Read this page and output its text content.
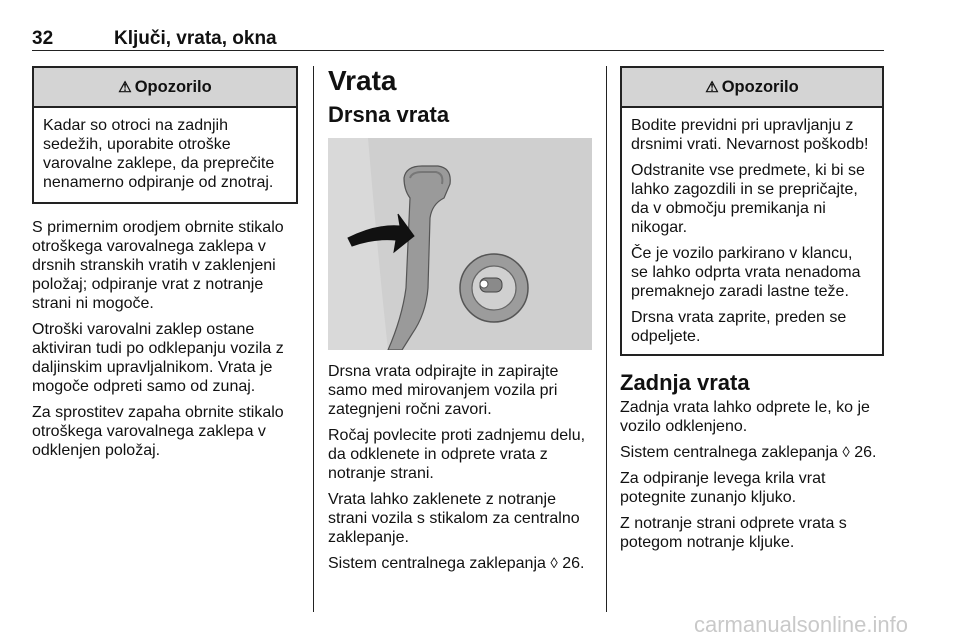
32	Ključi, vrata, okna
⚠ Opozorilo

Kadar so otroci na zadnjih sedežih, uporabite otroške varovalne zaklepe, da preprečite nenamerno odpiranje od znotraj.

S primernim orodjem obrnite stikalo otroškega varovalnega zaklepa v drsnih stranskih vratih v zaklenjeni položaj; odpiranje vrat z notranje strani ni mogoče.

Otroški varovalni zaklep ostane aktiviran tudi po odklepanju vozila z daljinskim upravljalnikom. Vrata je mogoče odpreti samo od zunaj.

Za sprostitev zapaha obrnite stikalo otroškega varovalnega zaklepa v odklenjen položaj.

Vrata
Drsna vrata

Drsna vrata odpirajte in zapirajte samo med mirovanjem vozila pri zategnjeni ročni zavori.

Ročaj povlecite proti zadnjemu delu, da odklenete in odprete vrata z notranje strani.

Vrata lahko zaklenete z notranje strani vozila s stikalom za centralno zaklepanje.

Sistem centralnega zaklepanja ◊ 26.

⚠ Opozorilo

Bodite previdni pri upravljanju z drsnimi vrati. Nevarnost poškodb!

Odstranite vse predmete, ki bi se lahko zagozdili in se prepričajte, da v območju premikanja ni nikogar.

Če je vozilo parkirano v klancu, se lahko odprta vrata nenadoma premaknejo zaradi lastne teže.

Drsna vrata zaprite, preden se odpeljete.

Zadnja vrata

Zadnja vrata lahko odprete le, ko je vozilo odklenjeno.

Sistem centralnega zaklepanja ◊ 26.

Za odpiranje levega krila vrat potegnite zunanjo kljuko.

Z notranje strani odprete vrata s potegom notranje kljuke.

carmanualsonline.info
